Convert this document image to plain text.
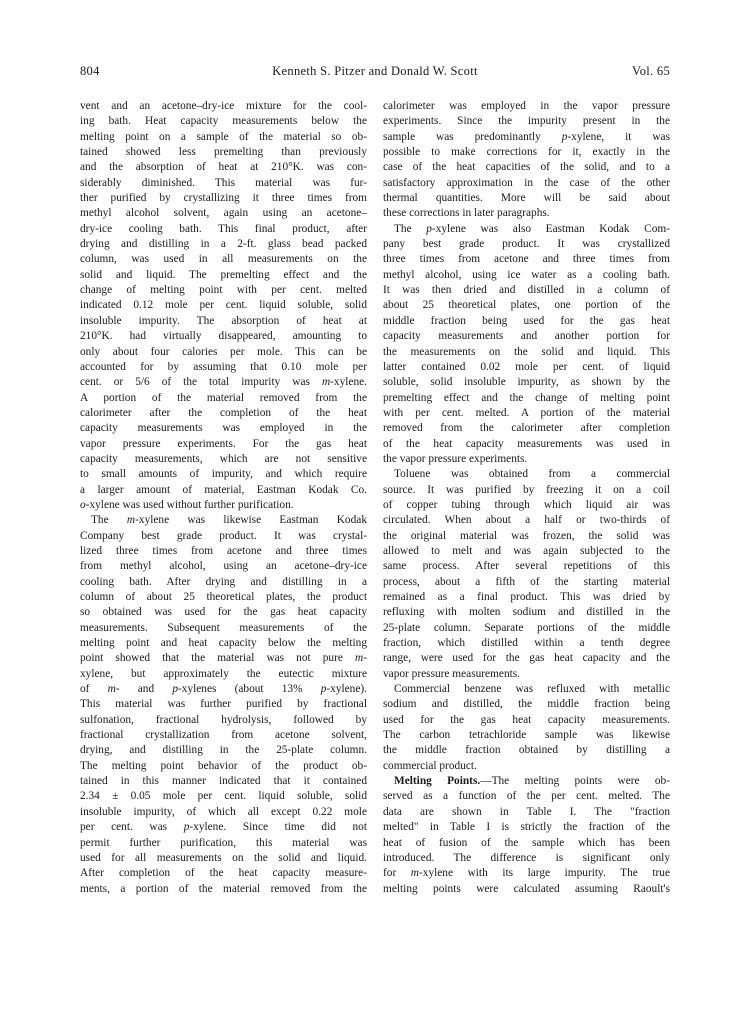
804	Kenneth S. Pitzer and Donald W. Scott	Vol. 65
vent and an acetone–dry-ice mixture for the cool-
ing bath. Heat capacity measurements below the
melting point on a sample of the material so ob-
tained showed less premelting than previously
and the absorption of heat at 210°K. was con-
siderably diminished. This material was fur-
ther purified by crystallizing it three times from
methyl alcohol solvent, again using an acetone–
dry-ice cooling bath. This final product, after
drying and distilling in a 2-ft. glass bead packed
column, was used in all measurements on the
solid and liquid. The premelting effect and the
change of melting point with per cent. melted
indicated 0.12 mole per cent. liquid soluble, solid
insoluble impurity. The absorption of heat at
210°K. had virtually disappeared, amounting to
only about four calories per mole. This can be
accounted for by assuming that 0.10 mole per
cent. or 5/6 of the total impurity was m-xylene.
A portion of the material removed from the
calorimeter after the completion of the heat
capacity measurements was employed in the
vapor pressure experiments. For the gas heat
capacity measurements, which are not sensitive
to small amounts of impurity, and which require
a larger amount of material, Eastman Kodak Co.
o-xylene was used without further purification.
The m-xylene was likewise Eastman Kodak
Company best grade product. It was crystal-
lized three times from acetone and three times
from methyl alcohol, using an acetone–dry-ice
cooling bath. After drying and distilling in a
column of about 25 theoretical plates, the product
so obtained was used for the gas heat capacity
measurements. Subsequent measurements of the
melting point and heat capacity below the melting
point showed that the material was not pure m-
xylene, but approximately the eutectic mixture
of m- and p-xylenes (about 13% p-xylene).
This material was further purified by fractional
sulfonation, fractional hydrolysis, followed by
fractional crystallization from acetone solvent,
drying, and distilling in the 25-plate column.
The melting point behavior of the product ob-
tained in this manner indicated that it contained
2.34 ± 0.05 mole per cent. liquid soluble, solid
insoluble impurity, of which all except 0.22 mole
per cent. was p-xylene. Since time did not
permit further purification, this material was
used for all measurements on the solid and liquid.
After completion of the heat capacity measure-
ments, a portion of the material removed from the
calorimeter was employed in the vapor pressure
experiments. Since the impurity present in the
sample was predominantly p-xylene, it was
possible to make corrections for it, exactly in the
case of the heat capacities of the solid, and to a
satisfactory approximation in the case of the other
thermal quantities. More will be said about
these corrections in later paragraphs.
The p-xylene was also Eastman Kodak Com-
pany best grade product. It was crystallized
three times from acetone and three times from
methyl alcohol, using ice water as a cooling bath.
It was then dried and distilled in a column of
about 25 theoretical plates, one portion of the
middle fraction being used for the gas heat
capacity measurements and another portion for
the measurements on the solid and liquid. This
latter contained 0.02 mole per cent. of liquid
soluble, solid insoluble impurity, as shown by the
premelting effect and the change of melting point
with per cent. melted. A portion of the material
removed from the calorimeter after completion
of the heat capacity measurements was used in
the vapor pressure experiments.
Toluene was obtained from a commercial
source. It was purified by freezing it on a coil
of copper tubing through which liquid air was
circulated. When about a half or two-thirds of
the original material was frozen, the solid was
allowed to melt and was again subjected to the
same process. After several repetitions of this
process, about a fifth of the starting material
remained as a final product. This was dried by
refluxing with molten sodium and distilled in the
25-plate column. Separate portions of the middle
fraction, which distilled within a tenth degree
range, were used for the gas heat capacity and the
vapor pressure measurements.
Commercial benzene was refluxed with metallic
sodium and distilled, the middle fraction being
used for the gas heat capacity measurements.
The carbon tetrachloride sample was likewise
the middle fraction obtained by distilling a
commercial product.
Melting Points.—The melting points were ob-
served as a function of the per cent. melted. The
data are shown in Table I. The "fraction
melted" in Table I is strictly the fraction of the
heat of fusion of the sample which has been
introduced. The difference is significant only
for m-xylene with its large impurity. The true
melting points were calculated assuming Raoult's
